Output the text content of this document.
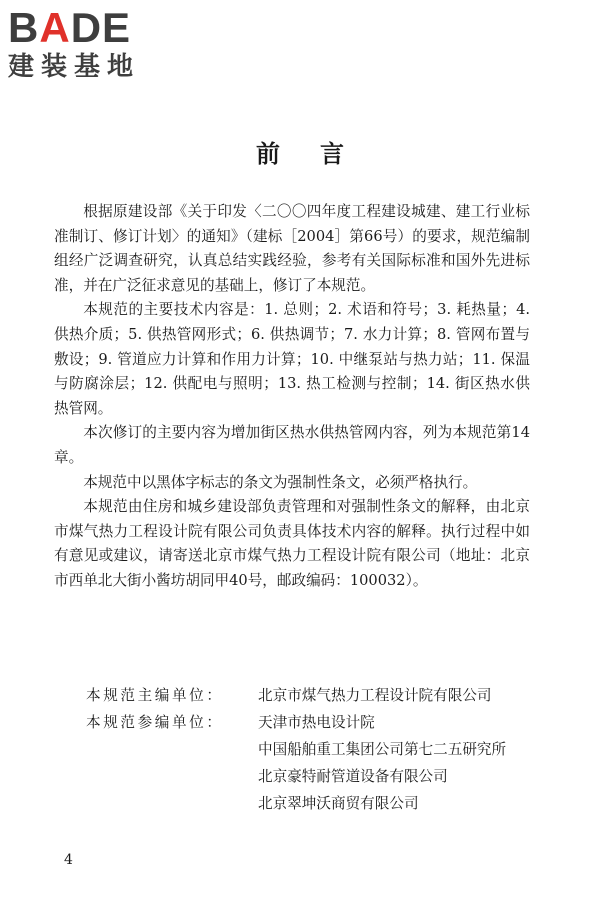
BADE
建装基地
前言

根据原建设部《关于印发〈二〇〇四年度工程建设城建、建工行业标准制订、修订计划〉的通知》（建标［2004］第66号）的要求，规范编制组经广泛调查研究，认真总结实践经验，参考有关国际标准和国外先进标准，并在广泛征求意见的基础上，修订了本规范。

本规范的主要技术内容是：1. 总则；2. 术语和符号；3. 耗热量；4. 供热介质；5. 供热管网形式；6. 供热调节；7. 水力计算；8. 管网布置与敷设；9. 管道应力计算和作用力计算；10. 中继泵站与热力站；11. 保温与防腐涂层；12. 供配电与照明；13. 热工检测与控制；14. 街区热水供热管网。

本次修订的主要内容为增加街区热水供热管网内容，列为本规范第14章。

本规范中以黑体字标志的条文为强制性条文，必须严格执行。

本规范由住房和城乡建设部负责管理和对强制性条文的解释，由北京市煤气热力工程设计院有限公司负责具体技术内容的解释。执行过程中如有意见或建议，请寄送北京市煤气热力工程设计院有限公司（地址：北京市西单北大街小酱坊胡同甲40号，邮政编码：100032）。

本规范主编单位：	北京市煤气热力工程设计院有限公司
本规范参编单位：	天津市热电设计院
中国船舶重工集团公司第七二五研究所
北京豪特耐管道设备有限公司
北京翠坤沃商贸有限公司
4
